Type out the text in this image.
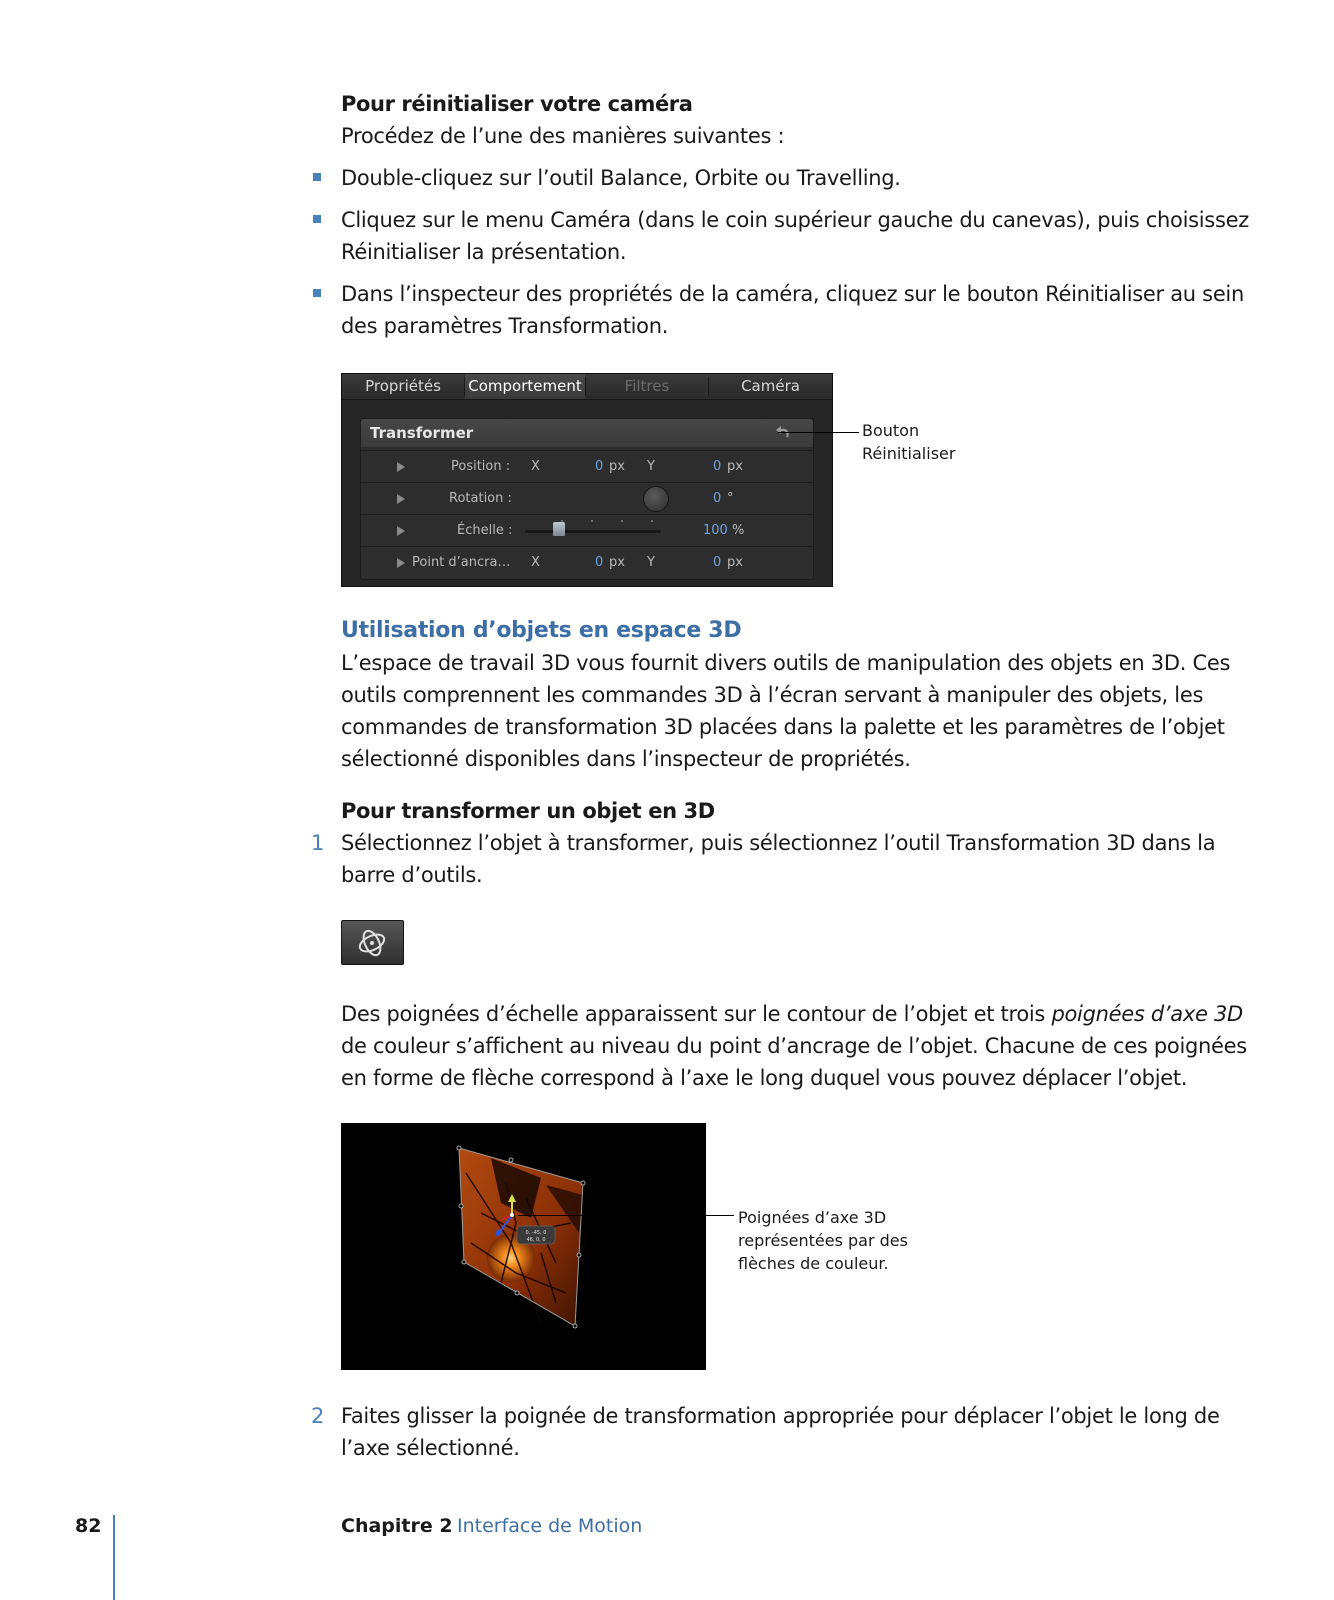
Pour réinitialiser votre caméra
Procédez de l’une des manières suivantes :
Double-cliquez sur l’outil Balance, Orbite ou Travelling.
Cliquez sur le menu Caméra (dans le coin supérieur gauche du canevas), puis choisissez
Réinitialiser la présentation.
Dans l’inspecteur des propriétés de la caméra, cliquez sur le bouton Réinitialiser au sein
des paramètres Transformation.
Propriétés	Comportement	Filtres	Caméra
Transformer
Position : X	0 px Y	0 px
Rotation :	0 °
Échelle :	100 %
Point d’ancra… X	0 px Y	0 px
Bouton
Réinitialiser
Utilisation d’objets en espace 3D
L’espace de travail 3D vous fournit divers outils de manipulation des objets en 3D. Ces
outils comprennent les commandes 3D à l’écran servant à manipuler des objets, les
commandes de transformation 3D placées dans la palette et les paramètres de l’objet
sélectionné disponibles dans l’inspecteur de propriétés.
Pour transformer un objet en 3D
1 Sélectionnez l’objet à transformer, puis sélectionnez l’outil Transformation 3D dans la
barre d’outils.
Des poignées d’échelle apparaissent sur le contour de l’objet et trois poignées d’axe 3D
de couleur s’affichent au niveau du point d’ancrage de l’objet. Chacune de ces poignées
en forme de flèche correspond à l’axe le long duquel vous pouvez déplacer l’objet.
0, -45, 0
46, 0, 0
Poignées d’axe 3D
représentées par des
flèches de couleur.
2 Faites glisser la poignée de transformation appropriée pour déplacer l’objet le long de
l’axe sélectionné.
82	Chapitre 2 Interface de Motion
